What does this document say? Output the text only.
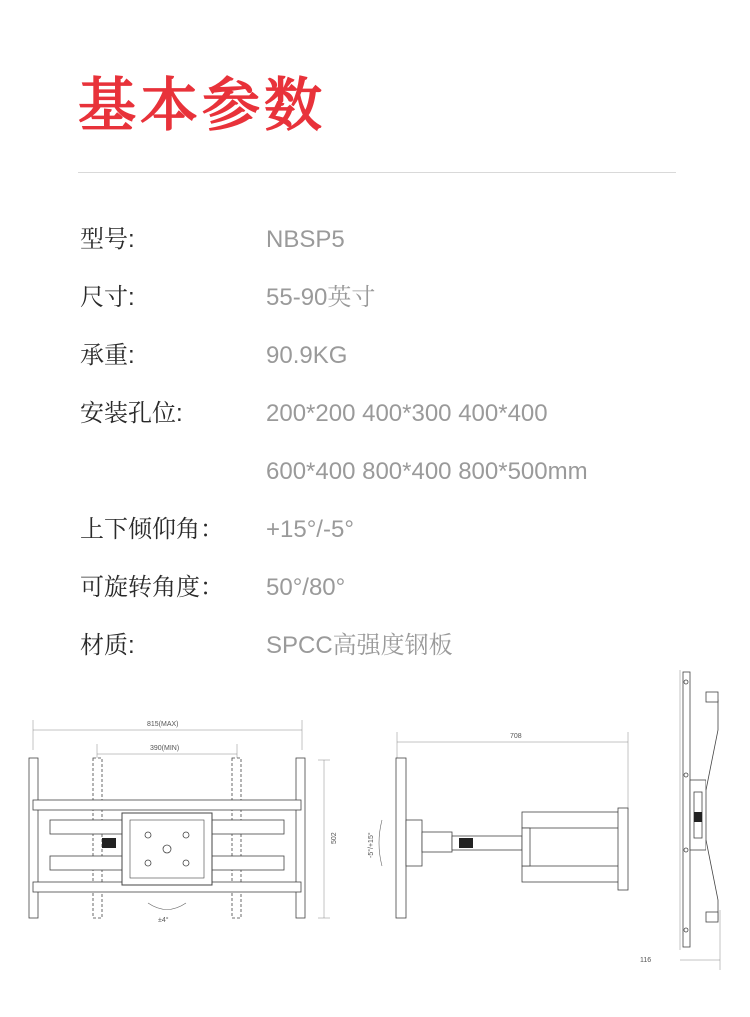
基本参数
型号:	NBSP5
尺寸:	55-90英寸
承重:	90.9KG
安装孔位:	200*200 400*300 400*400
600*400 800*400 800*500mm
上下倾仰角： +15°/-5°
可旋转角度： 50°/80°
材质:	SPCC高强度钢板
815(MAX)
390(MIN)
502
±4°
708
-5°/+15°
116
